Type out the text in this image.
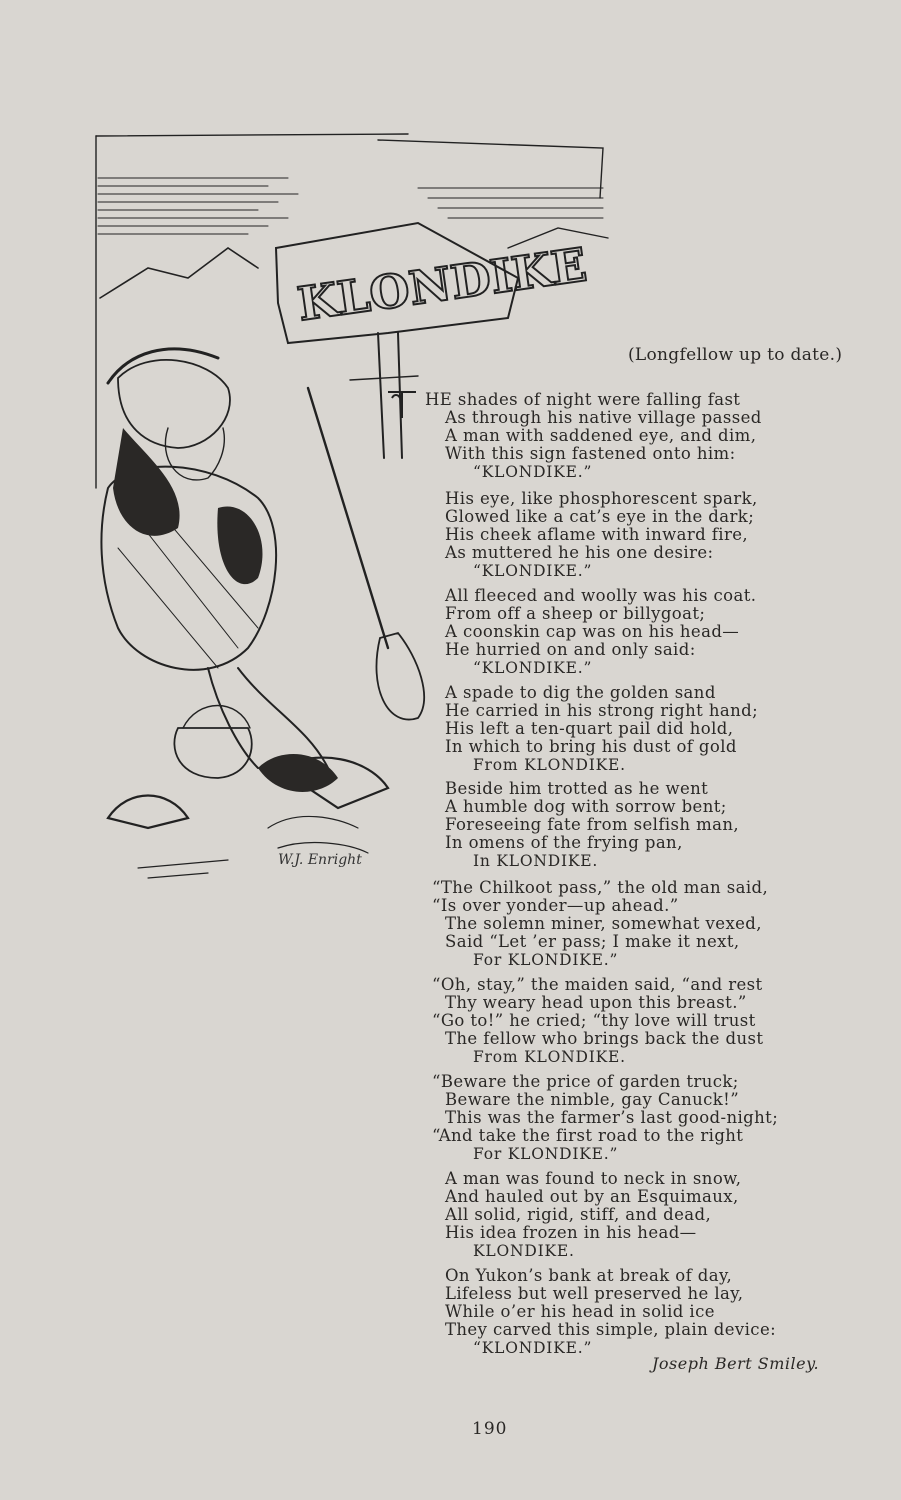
KLONDIKE
W.J. Enright
(Longfellow up to date.)
HE shades of night were falling fast
As through his native village passed
A man with saddened eye, and dim,
With this sign fastened onto him:
“KLONDIKE.”
His eye, like phosphorescent spark,
Glowed like a cat’s eye in the dark;
His cheek aflame with inward fire,
As muttered he his one desire:
“KLONDIKE.”
All fleeced and woolly was his coat.
From off a sheep or billygoat;
A coonskin cap was on his head—
He hurried on and only said:
“KLONDIKE.”
A spade to dig the golden sand
He carried in his strong right hand;
His left a ten-quart pail did hold,
In which to bring his dust of gold
From KLONDIKE.
Beside him trotted as he went
A humble dog with sorrow bent;
Foreseeing fate from selfish man,
In omens of the frying pan,
In KLONDIKE.
“The Chilkoot pass,” the old man said,
“Is over yonder—up ahead.”
The solemn miner, somewhat vexed,
Said “Let ’er pass; I make it next,
For KLONDIKE.”
“Oh, stay,” the maiden said, “and rest
Thy weary head upon this breast.”
“Go to!” he cried; “thy love will trust
The fellow who brings back the dust
From KLONDIKE.
“Beware the price of garden truck;
Beware the nimble, gay Canuck!”
This was the farmer’s last good-night;
“And take the first road to the right
For KLONDIKE.”
A man was found to neck in snow,
And hauled out by an Esquimaux,
All solid, rigid, stiff, and dead,
His idea frozen in his head—
KLONDIKE.
On Yukon’s bank at break of day,
Lifeless but well preserved he lay,
While o’er his head in solid ice
They carved this simple, plain device:
“KLONDIKE.”
Joseph Bert Smiley.
190
